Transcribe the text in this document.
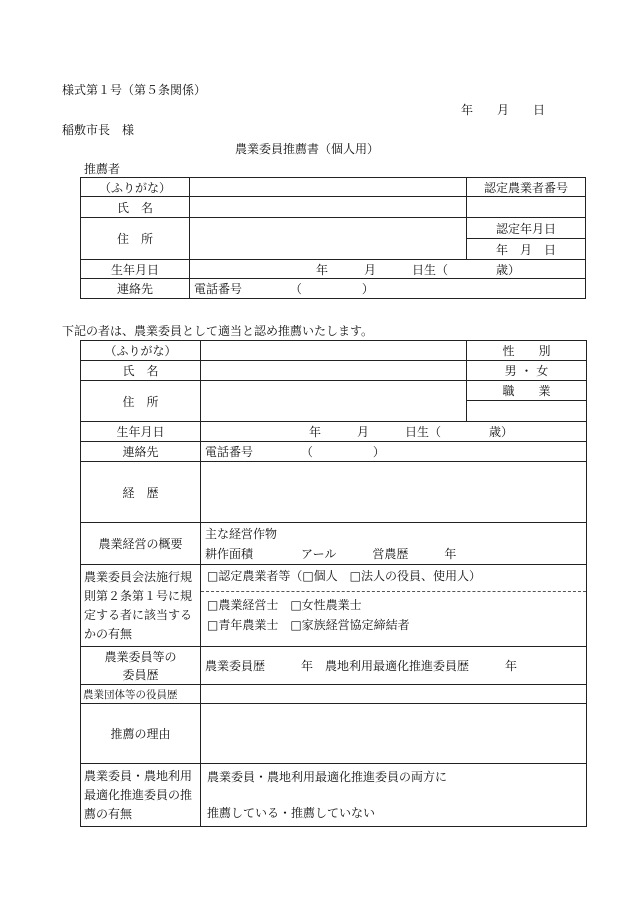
様式第１号（第５条関係）
年　　月　　日
稲敷市長　様
農業委員推薦書（個人用）
推薦者
（ふりがな）		認定農業者番号
氏　名		
住　所		認定年月日
		年　月　日
生年月日	年　　　月　　　日生（　　　　歳）	
連絡先	電話番号 （　　　　　）	
下記の者は、農業委員として適当と認め推薦いたします。
（ふりがな）		性　　別
氏　名		男 ・ 女
住　所		職　　業

生年月日	年　　　月　　　日生（　　　　歳）	
連絡先	電話番号 （　　　　　）	
経　歴		
農業経営の概要	主な経営作物
耕作面積　　　　アール　　　営農歴　　　年	

農業委員会法施行規則第２条第１号に規定する者に該当するかの有無	□認定農業者等（□個人　□法人の役員、使用人）
□農業経営士　□女性農業士
□青年農業士　□家族経営協定締結者	

農業委員等の
委員歴	農業委員歴　　　年　農地利用最適化推進委員歴　　　年	
農業団体等の役員歴		
推薦の理由		
農業委員・農地利用最適化推進委員の推薦の有無	農業委員・農地利用最適化推進委員の両方に
推薦している・推薦していない	
